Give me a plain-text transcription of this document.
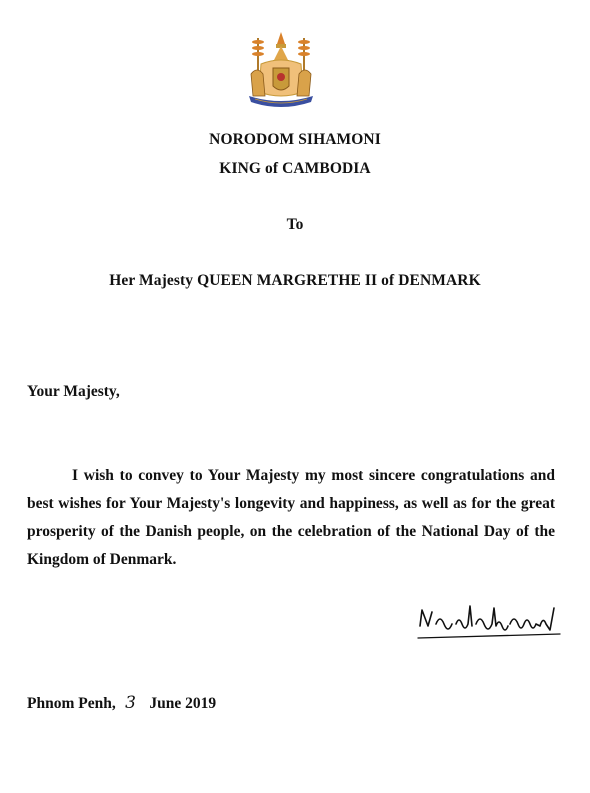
NORODOM SIHAMONI
KING of CAMBODIA
To
Her Majesty QUEEN MARGRETHE II of DENMARK
Your Majesty,

I wish to convey to Your Majesty my most sincere congratulations and best wishes for Your Majesty's longevity and happiness, as well as for the great prosperity of the Danish people, on the celebration of the National Day of the Kingdom of Denmark.

Phnom Penh, 3 June 2019
